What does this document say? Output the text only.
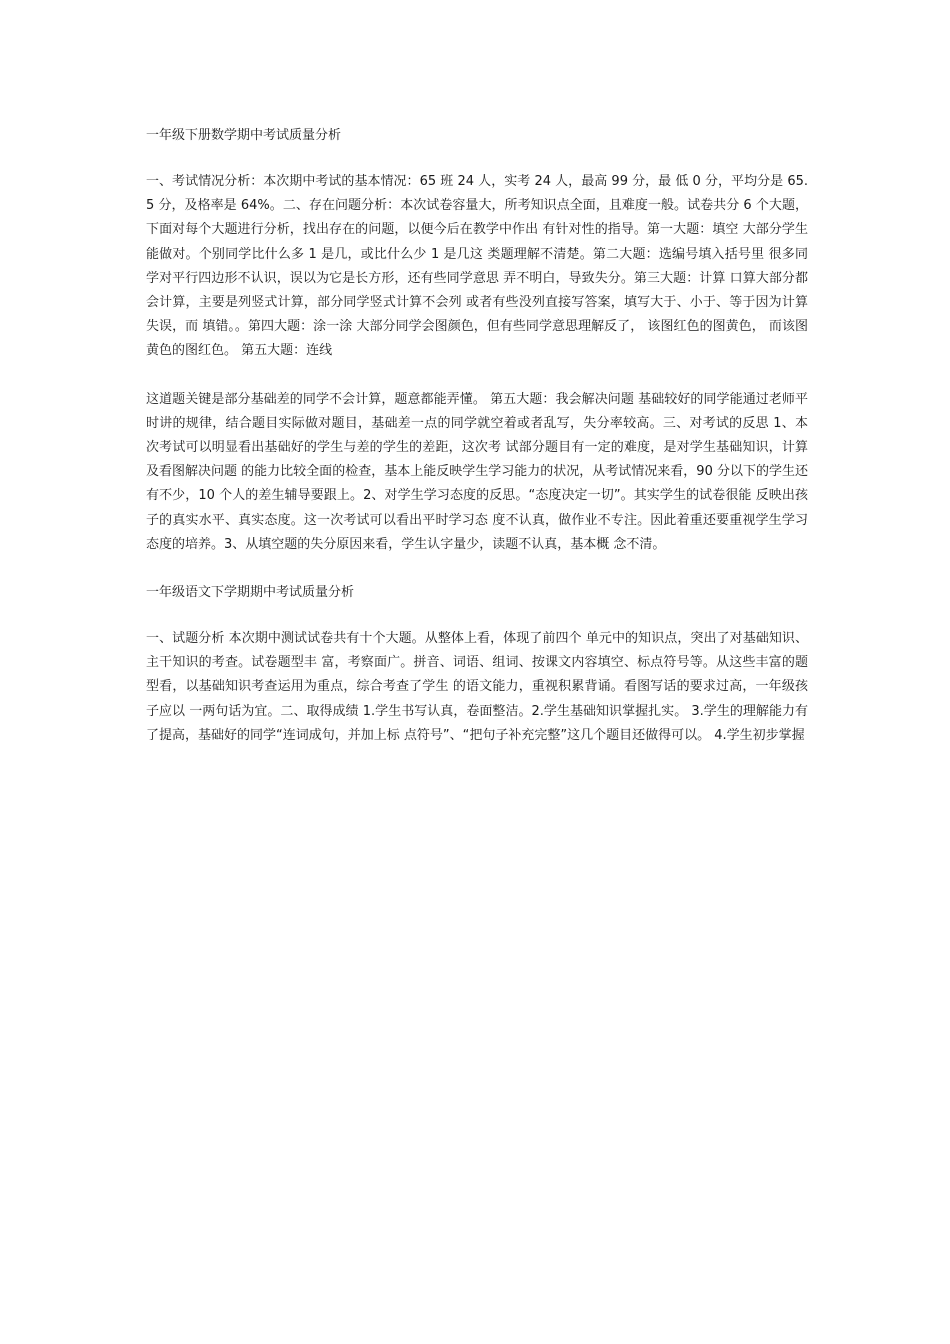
一年级下册数学期中考试质量分析

一、考试情况分析：本次期中考试的基本情况：65 班 24 人，实考 24 人，最高 99 分，最 低 0 分，平均分是 65.5 分，及格率是 64%。二、存在问题分析：本次试卷容量大，所考知识点全面，且难度一般。试卷共分 6 个大题，下面对每个大题进行分析，找出存在的问题，以便今后在教学中作出 有针对性的指导。第一大题：填空 大部分学生能做对。个别同学比什么多 1 是几，或比什么少 1 是几这 类题理解不清楚。第二大题：选编号填入括号里 很多同学对平行四边形不认识，误以为它是长方形，还有些同学意思 弄不明白，导致失分。第三大题：计算 口算大部分都会计算，主要是列竖式计算，部分同学竖式计算不会列 或者有些没列直接写答案，填写大于、小于、等于因为计算失误，而 填错。。第四大题：涂一涂 大部分同学会图颜色，但有些同学意思理解反了， 该图红色的图黄色， 而该图黄色的图红色。 第五大题：连线

这道题关键是部分基础差的同学不会计算，题意都能弄懂。 第五大题：我会解决问题 基础较好的同学能通过老师平时讲的规律，结合题目实际做对题目，基础差一点的同学就空着或者乱写，失分率较高。三、对考试的反思 1、本次考试可以明显看出基础好的学生与差的学生的差距，这次考 试部分题目有一定的难度，是对学生基础知识，计算及看图解决问题 的能力比较全面的检查，基本上能反映学生学习能力的状况，从考试情况来看，90 分以下的学生还有不少，10 个人的差生辅导要跟上。2、对学生学习态度的反思。“态度决定一切”。其实学生的试卷很能 反映出孩子的真实水平、真实态度。这一次考试可以看出平时学习态 度不认真，做作业不专注。因此着重还要重视学生学习态度的培养。3、从填空题的失分原因来看，学生认字量少，读题不认真，基本概 念不清。

一年级语文下学期期中考试质量分析

一、试题分析 本次期中测试试卷共有十个大题。从整体上看，体现了前四个 单元中的知识点，突出了对基础知识、主干知识的考查。试卷题型丰 富，考察面广。拼音、词语、组词、按课文内容填空、标点符号等。从这些丰富的题型看，以基础知识考查运用为重点，综合考查了学生 的语文能力，重视积累背诵。看图写话的要求过高，一年级孩子应以 一两句话为宜。二、取得成绩 1.学生书写认真，卷面整洁。2.学生基础知识掌握扎实。 3.学生的理解能力有了提高，基础好的同学“连词成句，并加上标 点符号”、“把句子补充完整”这几个题目还做得可以。 4.学生初步掌握
